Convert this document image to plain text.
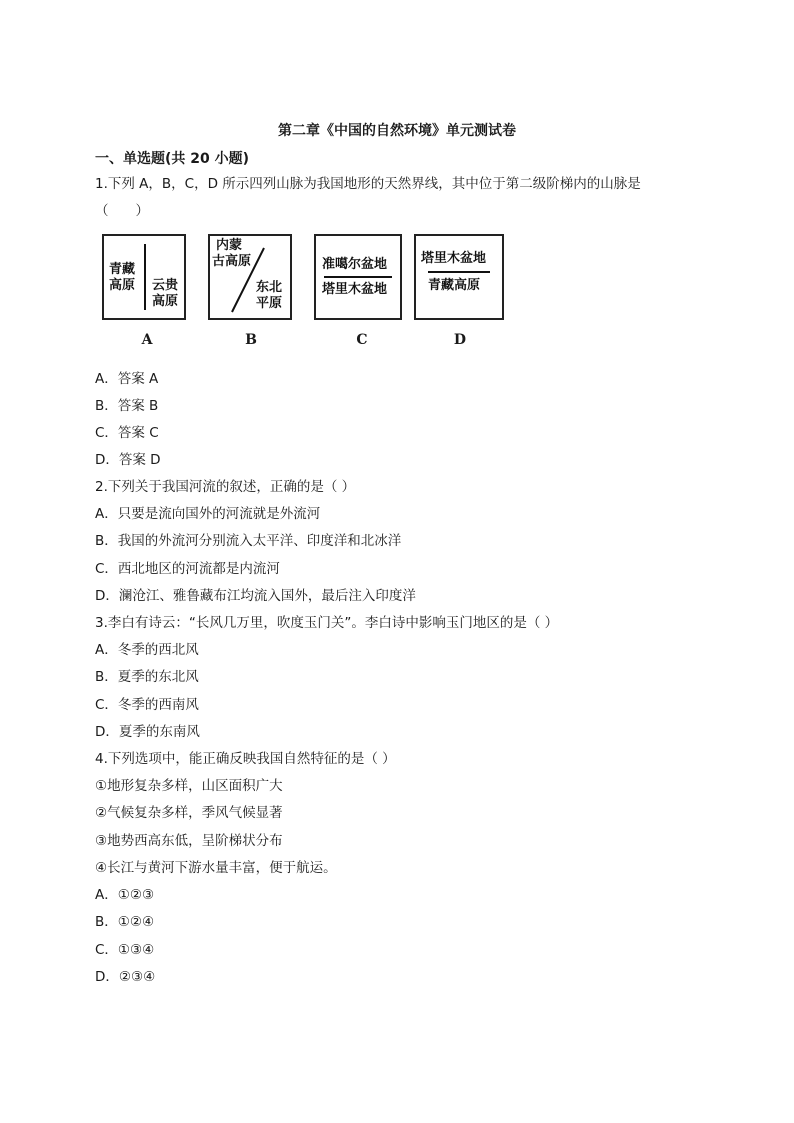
第二章《中国的自然环境》单元测试卷
一、单选题(共 20 小题)
1.下列 A，B，C，D 所示四列山脉为我国地形的天然界线，其中位于第二级阶梯内的山脉是
（　　）
青藏
高原 云贵
高原
A
内蒙
古高原
东北
平原
B
准噶尔盆地
塔里木盆地
C
塔里木盆地
青藏高原
D
A．答案 A
B．答案 B
C．答案 C
D．答案 D
2.下列关于我国河流的叙述，正确的是（ ）
A．只要是流向国外的河流就是外流河
B．我国的外流河分别流入太平洋、印度洋和北冰洋
C．西北地区的河流都是内流河
D．澜沧江、雅鲁藏布江均流入国外，最后注入印度洋
3.李白有诗云：“长风几万里，吹度玉门关”。李白诗中影响玉门地区的是（ ）
A．冬季的西北风
B．夏季的东北风
C．冬季的西南风
D．夏季的东南风
4.下列选项中，能正确反映我国自然特征的是（ ）
①地形复杂多样，山区面积广大
②气候复杂多样，季风气候显著
③地势西高东低，呈阶梯状分布
④长江与黄河下游水量丰富，便于航运。
A．①②③
B．①②④
C．①③④
D．②③④
